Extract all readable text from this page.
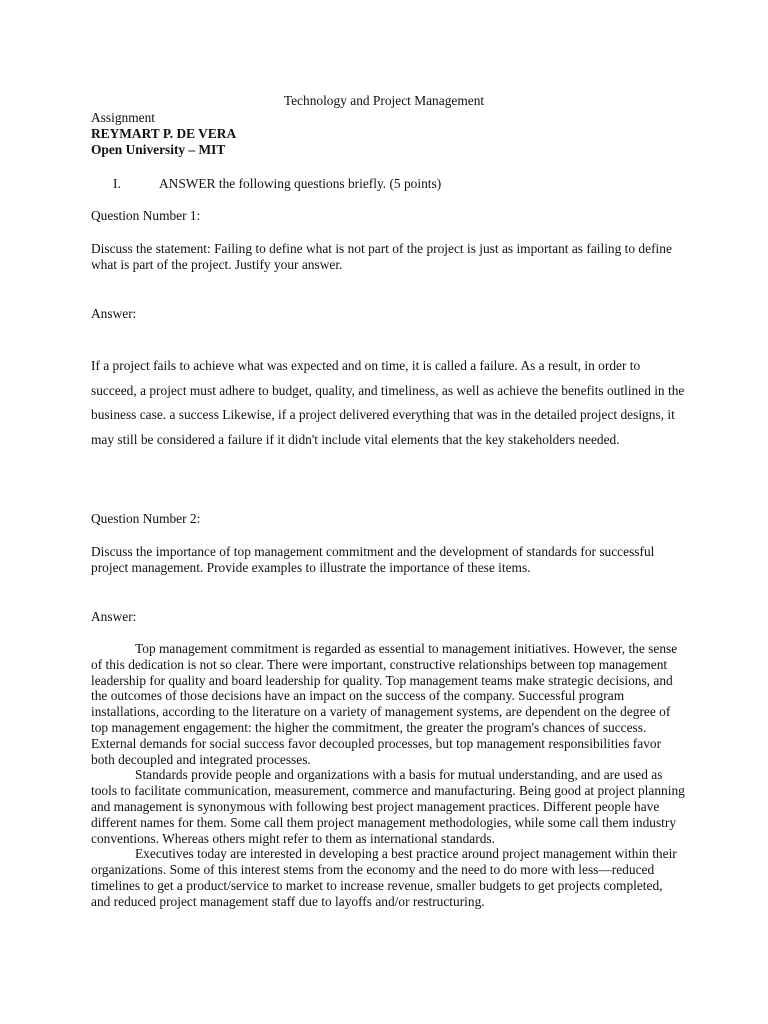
Technology and Project Management
Assignment
REYMART P. DE VERA
Open University – MIT
I.	ANSWER the following questions briefly. (5 points)
Question Number 1:
Discuss the statement: Failing to define what is not part of the project is just as important as failing to define what is part of the project. Justify your answer.
Answer:
If a project fails to achieve what was expected and on time, it is called a failure. As a result, in order to succeed, a project must adhere to budget, quality, and timeliness, as well as achieve the benefits outlined in the business case. a success Likewise, if a project delivered everything that was in the detailed project designs, it may still be considered a failure if it didn't include vital elements that the key stakeholders needed.
Question Number 2:
Discuss the importance of top management commitment and the development of standards for successful project management. Provide examples to illustrate the importance of these items.
Answer:
Top management commitment is regarded as essential to management initiatives. However, the sense of this dedication is not so clear. There were important, constructive relationships between top management leadership for quality and board leadership for quality. Top management teams make strategic decisions, and the outcomes of those decisions have an impact on the success of the company. Successful program installations, according to the literature on a variety of management systems, are dependent on the degree of top management engagement: the higher the commitment, the greater the program's chances of success. External demands for social success favor decoupled processes, but top management responsibilities favor both decoupled and integrated processes.
Standards provide people and organizations with a basis for mutual understanding, and are used as tools to facilitate communication, measurement, commerce and manufacturing. Being good at project planning and management is synonymous with following best project management practices. Different people have different names for them. Some call them project management methodologies, while some call them industry conventions. Whereas others might refer to them as international standards.
Executives today are interested in developing a best practice around project management within their organizations. Some of this interest stems from the economy and the need to do more with less—reduced timelines to get a product/service to market to increase revenue, smaller budgets to get projects completed, and reduced project management staff due to layoffs and/or restructuring.
